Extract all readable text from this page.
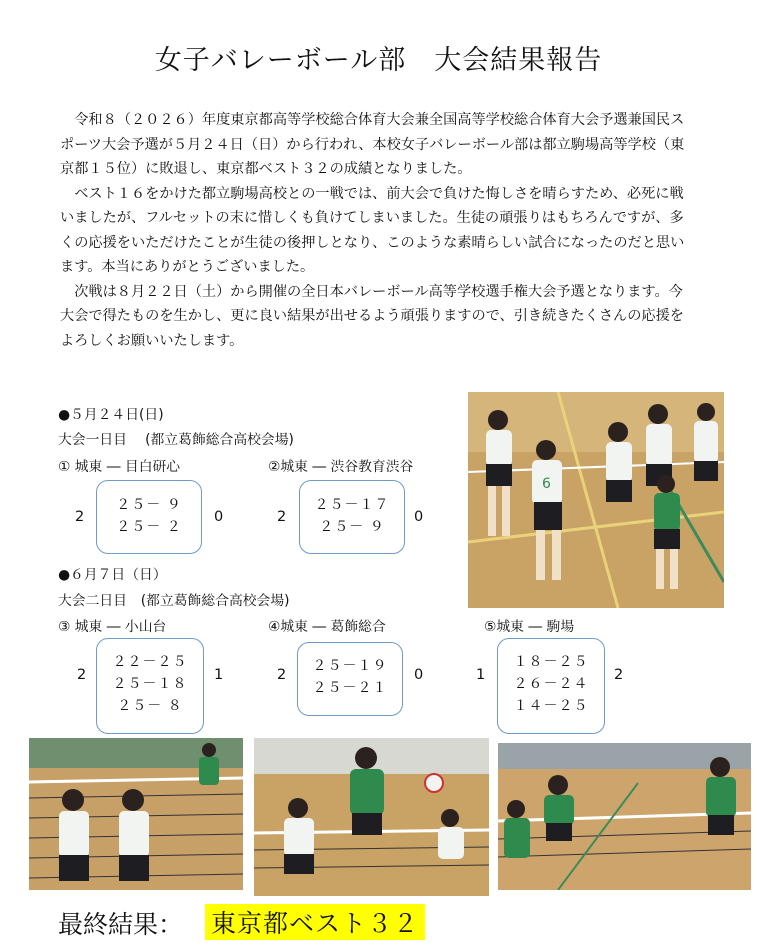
女子バレーボール部　大会結果報告

令和８（２０２６）年度東京都高等学校総合体育大会兼全国高等学校総合体育大会予選兼国民スポーツ大会予選が５月２４日（日）から行われ、本校女子バレーボール部は都立駒場高等学校（東京都１５位）に敗退し、東京都ベスト３２の成績となりました。

ベスト１６をかけた都立駒場高校との一戦では、前大会で負けた悔しさを晴らすため、必死に戦いましたが、フルセットの末に惜しくも負けてしまいました。生徒の頑張りはもちろんですが、多くの応援をいただけたことが生徒の後押しとなり、このような素晴らしい試合になったのだと思います。本当にありがとうございました。

次戦は８月２２日（土）から開催の全日本バレーボール高等学校選手権大会予選となります。今大会で得たものを生かし、更に良い結果が出せるよう頑張りますので、引き続きたくさんの応援をよろしくお願いいたします。

●５月２４日(日)
大会一日目　 (都立葛飾総合高校会場)
① 城東 ― 目白研心
2
２５－ ９
２５－ ２
0
②城東 ― 渋谷教育渋谷
2
２５－１７
２５－ ９
0
●６月７日（日）
大会二日目　(都立葛飾総合高校会場)
③ 城東 ― 小山台
2
２２－２５
２５－１８
２５－ ８
1
④城東 ― 葛飾総合
2
２５－１９
２５－２１
0
⑤城東 ― 駒場
1
１８－２５
２６－２４
１４－２５
2
6
最終結果： 東京都ベスト３２
